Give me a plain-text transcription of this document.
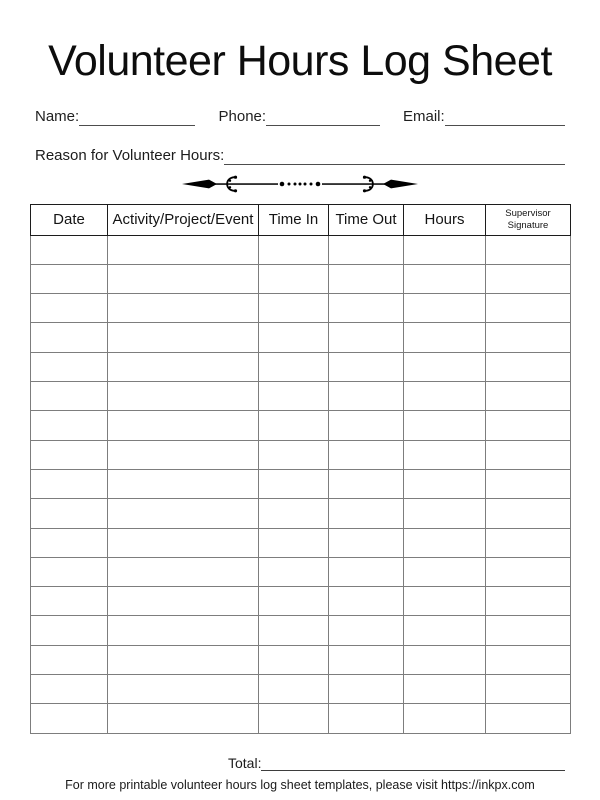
Volunteer Hours Log Sheet
Name:	Phone:	Email:
Reason for Volunteer Hours:
Date	Activity/Project/Event	Time In	Time Out	Hours	Supervisor Signature

Total:
For more printable volunteer hours log sheet templates, please visit https://inkpx.com
